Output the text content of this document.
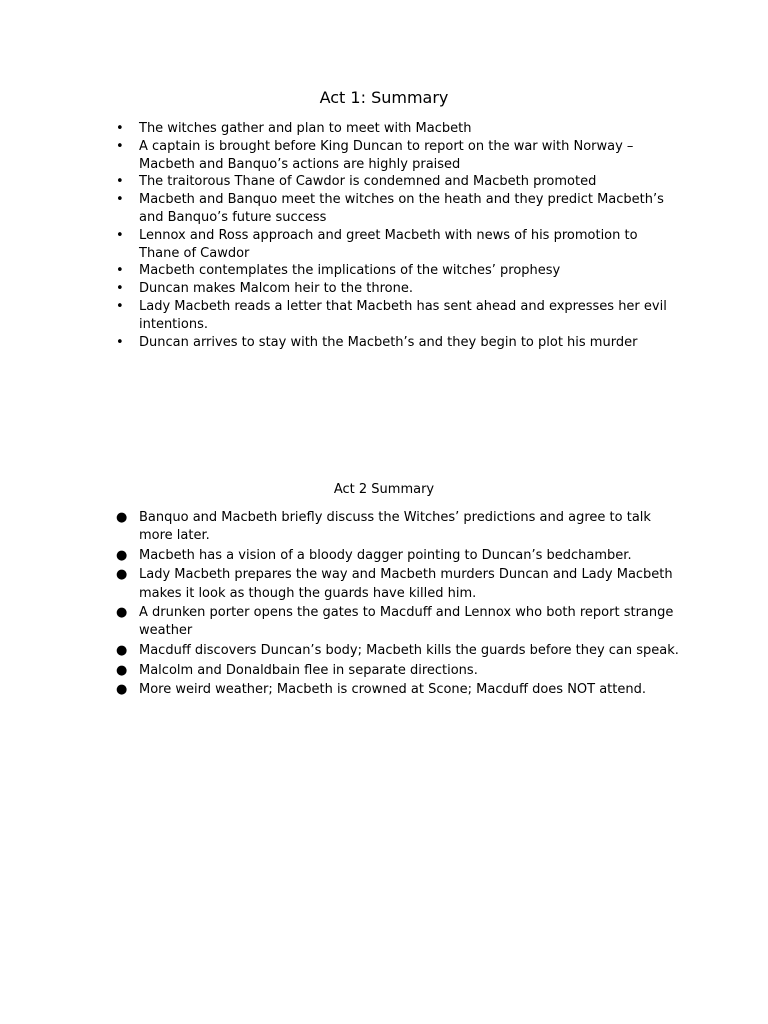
Act 1: Summary
• The witches gather and plan to meet with Macbeth
• A captain is brought before King Duncan to report on the war with Norway – Macbeth and Banquo’s actions are highly praised
• The traitorous Thane of Cawdor is condemned and Macbeth promoted
• Macbeth and Banquo meet the witches on the heath and they predict Macbeth’s and Banquo’s future success
• Lennox and Ross approach and greet Macbeth with news of his promotion to Thane of Cawdor
• Macbeth contemplates the implications of the witches’ prophesy
• Duncan makes Malcom heir to the throne.
• Lady Macbeth reads a letter that Macbeth has sent ahead and expresses her evil intentions.
• Duncan arrives to stay with the Macbeth’s and they begin to plot his murder
Act 2 Summary
● Banquo and Macbeth briefly discuss the Witches’ predictions and agree to talk more later.
● Macbeth has a vision of a bloody dagger pointing to Duncan’s bedchamber.
● Lady Macbeth prepares the way and Macbeth murders Duncan and Lady Macbeth makes it look as though the guards have killed him.
● A drunken porter opens the gates to Macduff and Lennox who both report strange weather
● Macduff discovers Duncan’s body; Macbeth kills the guards before they can speak.
● Malcolm and Donaldbain flee in separate directions.
● More weird weather; Macbeth is crowned at Scone; Macduff does NOT attend.
